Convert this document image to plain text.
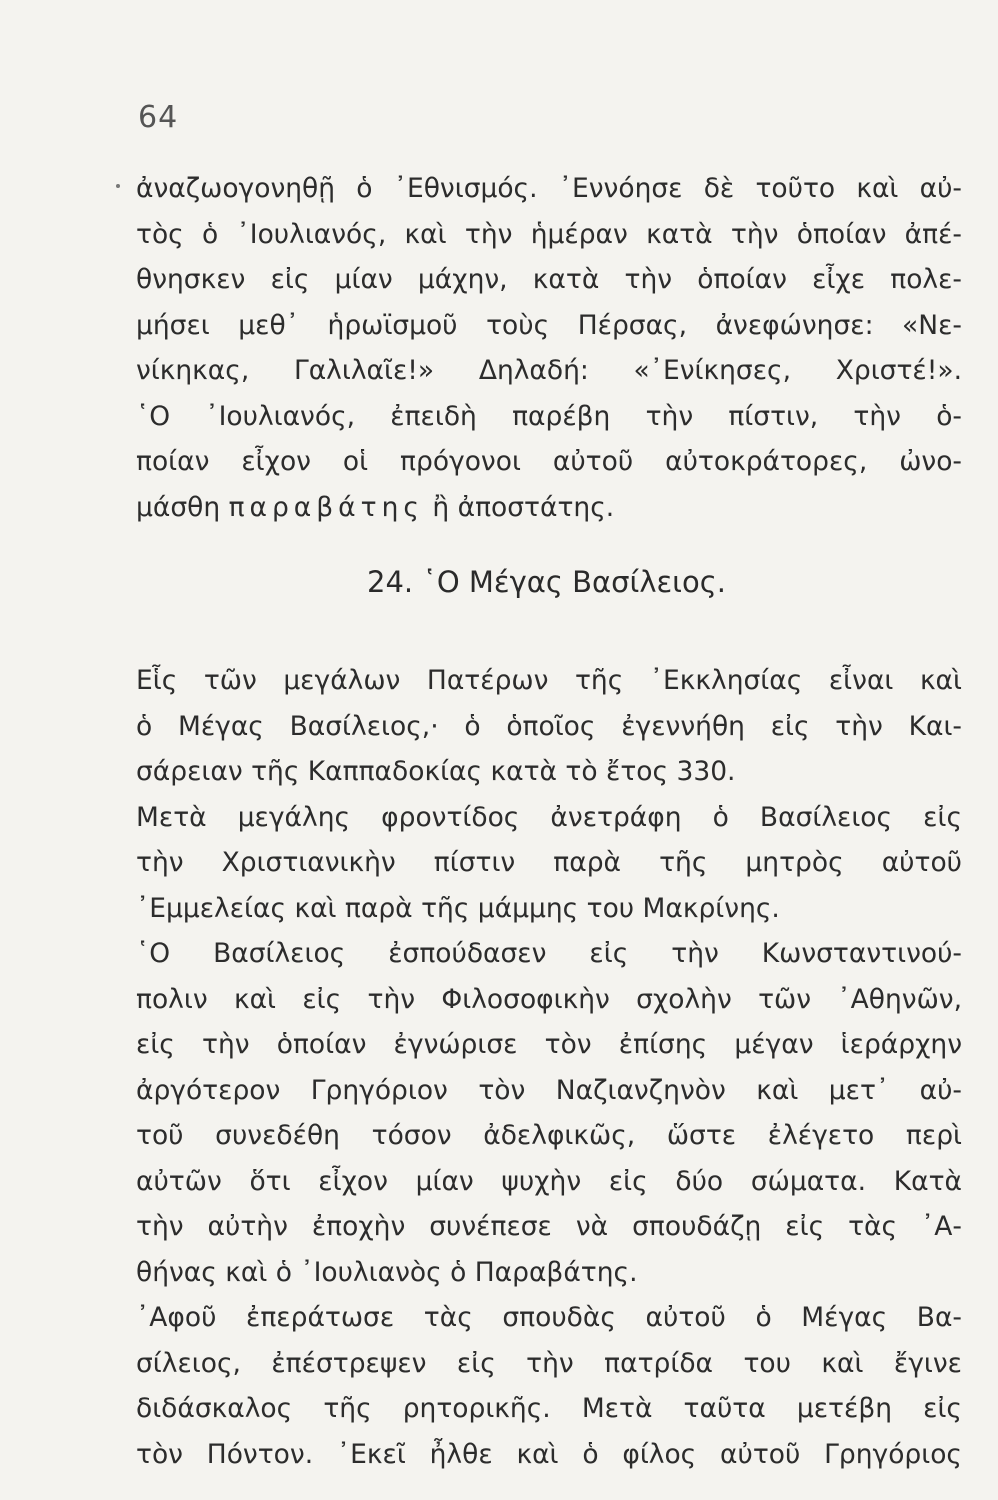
64
ἀναζωογονηθῇ ὁ ᾽Εθνισμός. ᾽Εννόησε δὲ τοῦτο καὶ αὐ-
τὸς ὁ ᾽Ιουλιανός, καὶ τὴν ἡμέραν κατὰ τὴν ὁποίαν ἀπέ-
θνησκεν εἰς μίαν μάχην, κατὰ τὴν ὁποίαν εἶχε πολε-
μήσει μεθ᾽ ἡρωϊσμοῦ τοὺς Πέρσας, ἀνεφώνησε: «Νε-
νίκηκας, Γαλιλαῖε!» Δηλαδή: «᾽Ενίκησες, Χριστέ!».
῾Ο ᾽Ιουλιανός, ἐπειδὴ παρέβη τὴν πίστιν, τὴν ὁ-
ποίαν εἶχον οἱ πρόγονοι αὐτοῦ αὐτοκράτορες, ὠνο-
μάσθη παραβάτης ἢ ἀποστάτης.
24. ῾Ο Μέγας Βασίλειος.
Εἷς τῶν μεγάλων Πατέρων τῆς ᾽Εκκλησίας εἶναι καὶ
ὁ Μέγας Βασίλειος,· ὁ ὁποῖος ἐγεννήθη εἰς τὴν Και-
σάρειαν τῆς Καππαδοκίας κατὰ τὸ ἔτος 330.
Μετὰ μεγάλης φροντίδος ἀνετράφη ὁ Βασίλειος εἰς
τὴν Χριστιανικὴν πίστιν παρὰ τῆς μητρὸς αὐτοῦ
᾽Εμμελείας καὶ παρὰ τῆς μάμμης του Μακρίνης.
῾Ο Βασίλειος ἐσπούδασεν εἰς τὴν Κωνσταντινού-
πολιν καὶ εἰς τὴν Φιλοσοφικὴν σχολὴν τῶν ᾽Αθηνῶν,
εἰς τὴν ὁποίαν ἐγνώρισε τὸν ἐπίσης μέγαν ἱεράρχην
ἀργότερον Γρηγόριον τὸν Ναζιανζηνὸν καὶ μετ᾽ αὐ-
τοῦ συνεδέθη τόσον ἀδελφικῶς, ὥστε ἐλέγετο περὶ
αὐτῶν ὅτι εἶχον μίαν ψυχὴν εἰς δύο σώματα. Κατὰ
τὴν αὐτὴν ἐποχὴν συνέπεσε νὰ σπουδάζῃ εἰς τὰς ᾽Α-
θήνας καὶ ὁ ᾽Ιουλιανὸς ὁ Παραβάτης.
᾽Αφοῦ ἐπεράτωσε τὰς σπουδὰς αὐτοῦ ὁ Μέγας Βα-
σίλειος, ἐπέστρεψεν εἰς τὴν πατρίδα του καὶ ἔγινε
διδάσκαλος τῆς ρητορικῆς. Μετὰ ταῦτα μετέβη εἰς
τὸν Πόντον. ᾽Εκεῖ ἦλθε καὶ ὁ φίλος αὐτοῦ Γρηγόριος
